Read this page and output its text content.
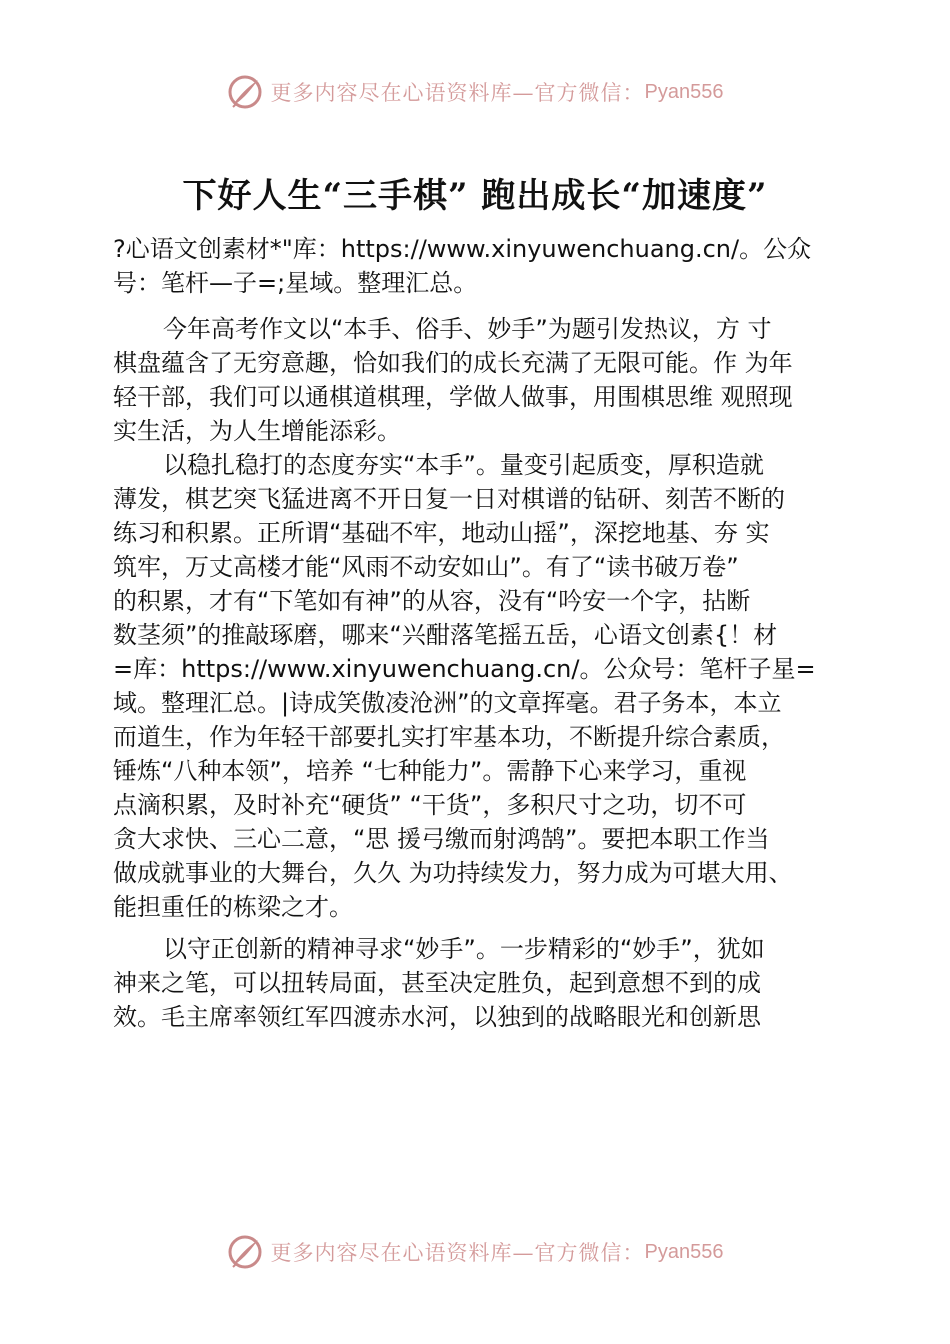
更多内容尽在心语资料库—官方微信： Pyan556
下好人生“三手棋” 跑出成长“加速度”
?心语文创素材*"库：https://www.xinyuwenchuang.cn/。公众
号：笔杆—子=;星域。整理汇总。
今年高考作文以“本手、俗手、妙手”为题引发热议，方 寸
棋盘蕴含了无穷意趣，恰如我们的成长充满了无限可能。作 为年
轻干部，我们可以通棋道棋理，学做人做事，用围棋思维 观照现
实生活，为人生增能添彩。
以稳扎稳打的态度夯实“本手”。量变引起质变，厚积造就
薄发，棋艺突飞猛进离不开日复一日对棋谱的钻研、刻苦不断的
练习和积累。正所谓“基础不牢，地动山摇”，深挖地基、夯 实
筑牢，万丈高楼才能“风雨不动安如山”。有了“读书破万卷”
的积累，才有“下笔如有神”的从容，没有“吟安一个字，拈断
数茎须”的推敲琢磨，哪来“兴酣落笔摇五岳，心语文创素{！材
=库：https://www.xinyuwenchuang.cn/。公众号：笔杆子星=
域。整理汇总。|诗成笑傲凌沧洲”的文章挥毫。君子务本，本立
而道生，作为年轻干部要扎实打牢基本功，不断提升综合素质，
锤炼“八种本领”，培养 “七种能力”。需静下心来学习，重视
点滴积累，及时补充“硬货” “干货”，多积尺寸之功，切不可
贪大求快、三心二意，“思 援弓缴而射鸿鹄”。要把本职工作当
做成就事业的大舞台，久久 为功持续发力，努力成为可堪大用、
能担重任的栋梁之才。
以守正创新的精神寻求“妙手”。一步精彩的“妙手”，犹如
神来之笔，可以扭转局面，甚至决定胜负，起到意想不到的成
效。毛主席率领红军四渡赤水河，以独到的战略眼光和创新思
更多内容尽在心语资料库—官方微信： Pyan556
